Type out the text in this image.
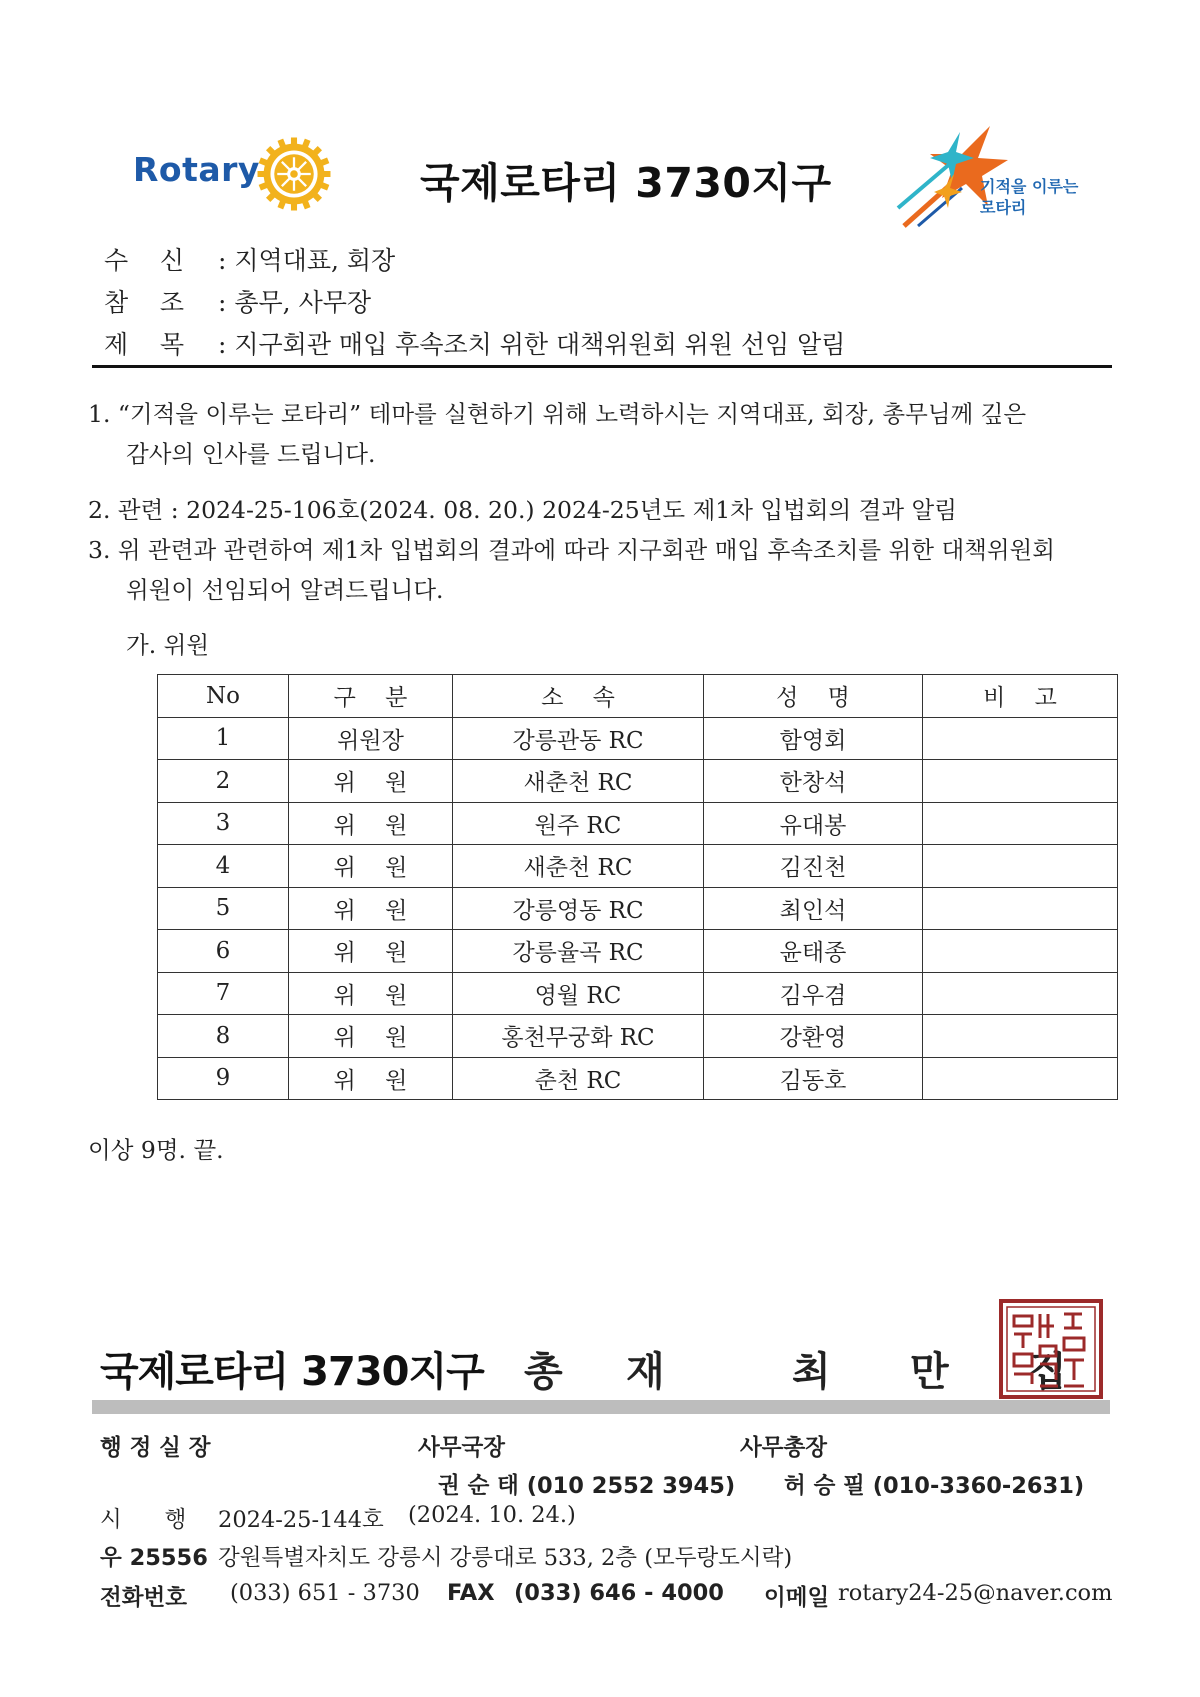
Rotary	국제로타리 3730지구	기적을 이루는
로타리
수    신 : 지역대표, 회장
참    조 : 총무, 사무장
제    목 : 지구회관 매입 후속조치 위한 대책위원회 위원 선임 알림
1. “기적을 이루는 로타리” 테마를 실현하기 위해 노력하시는 지역대표, 회장, 총무님께 깊은
감사의 인사를 드립니다.
2. 관련 : 2024-25-106호(2024. 08. 20.) 2024-25년도 제1차 입법회의 결과 알림
3. 위 관련과 관련하여 제1차 입법회의 결과에 따라 지구회관 매입 후속조치를 위한 대책위원회
위원이 선임되어 알려드립니다.
가. 위원
No	구    분	소    속	성    명	비    고
1	위원장	강릉관동 RC	함영회	
2	위    원	새춘천 RC	한창석	
3	위    원	원주 RC	유대봉	
4	위    원	새춘천 RC	김진천	
5	위    원	강릉영동 RC	최인석	
6	위    원	강릉율곡 RC	윤태종	
7	위    원	영월 RC	김우겸	
8	위    원	홍천무궁화 RC	강환영	
9	위    원	춘천 RC	김동호	
이상 9명. 끝.
국제로타리 3730지구 총 재	최 만 집
행 정 실 장	사무국장	사무총장
권 순 태 (010 2552 3945) 허 승 필 (010-3360-2631)
시      행 2024-25-144호 (2024. 10. 24.)
우 25556 강원특별자치도 강릉시 강릉대로 533, 2층 (모두랑도시락)
전화번호 (033) 651 - 3730 FAX (033) 646 - 4000 이메일 rotary24-25@naver.com
